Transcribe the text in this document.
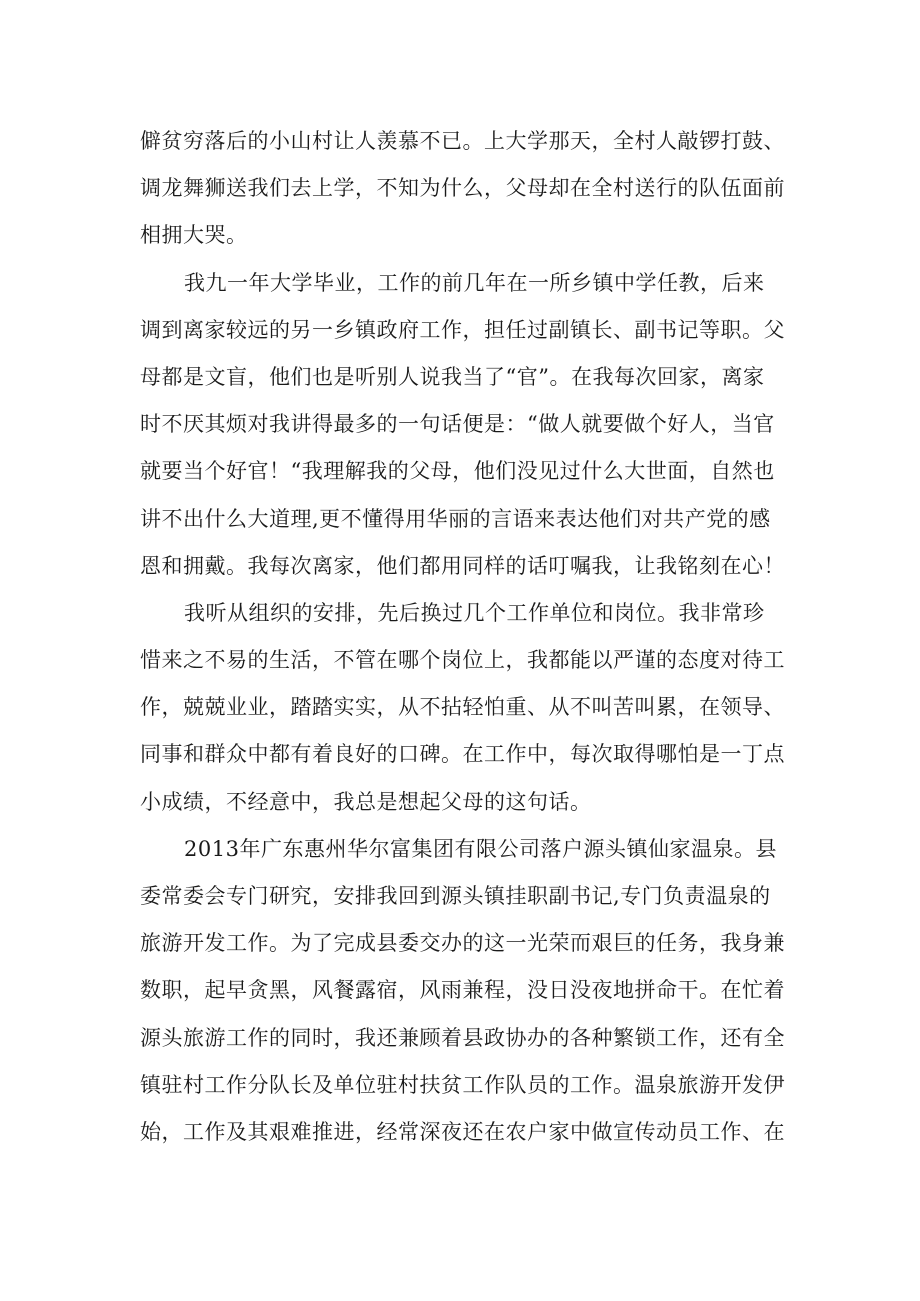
僻贫穷落后的小山村让人羡慕不已。上大学那天，全村人敲锣打鼓、
调龙舞狮送我们去上学，不知为什么，父母却在全村送行的队伍面前
相拥大哭。
我九一年大学毕业，工作的前几年在一所乡镇中学任教，后来
调到离家较远的另一乡镇政府工作，担任过副镇长、副书记等职。父
母都是文盲，他们也是听别人说我当了“官”。在我每次回家，离家
时不厌其烦对我讲得最多的一句话便是：“做人就要做个好人，当官
就要当个好官！“我理解我的父母，他们没见过什么大世面，自然也
讲不出什么大道理,更不懂得用华丽的言语来表达他们对共产党的感
恩和拥戴。我每次离家，他们都用同样的话叮嘱我，让我铭刻在心！
我听从组织的安排，先后换过几个工作单位和岗位。我非常珍
惜来之不易的生活，不管在哪个岗位上，我都能以严谨的态度对待工
作，兢兢业业，踏踏实实，从不拈轻怕重、从不叫苦叫累，在领导、
同事和群众中都有着良好的口碑。在工作中，每次取得哪怕是一丁点
小成绩，不经意中，我总是想起父母的这句话。
2013年广东惠州华尔富集团有限公司落户源头镇仙家温泉。县
委常委会专门研究，安排我回到源头镇挂职副书记,专门负责温泉的
旅游开发工作。为了完成县委交办的这一光荣而艰巨的任务，我身兼
数职，起早贪黑，风餐露宿，风雨兼程，没日没夜地拼命干。在忙着
源头旅游工作的同时，我还兼顾着县政协办的各种繁锁工作，还有全
镇驻村工作分队长及单位驻村扶贫工作队员的工作。温泉旅游开发伊
始，工作及其艰难推进，经常深夜还在农户家中做宣传动员工作、在
